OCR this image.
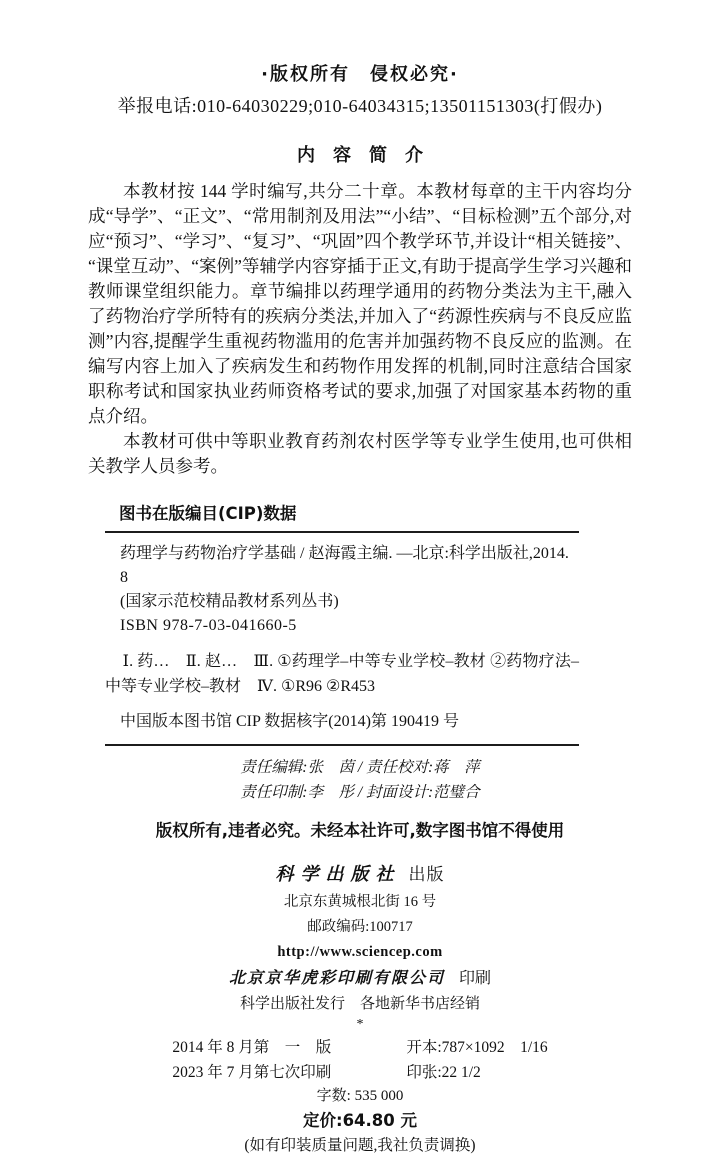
·版权所有　侵权必究·
举报电话:010-64030229;010-64034315;13501151303(打假办)
内　容　简　介

本教材按 144 学时编写,共分二十章。本教材每章的主干内容均分成“导学”、“正文”、“常用制剂及用法”“小结”、“目标检测”五个部分,对应“预习”、“学习”、“复习”、“巩固”四个教学环节,并设计“相关链接”、“课堂互动”、“案例”等辅学内容穿插于正文,有助于提高学生学习兴趣和教师课堂组织能力。章节编排以药理学通用的药物分类法为主干,融入了药物治疗学所特有的疾病分类法,并加入了“药源性疾病与不良反应监测”内容,提醒学生重视药物滥用的危害并加强药物不良反应的监测。在编写内容上加入了疾病发生和药物作用发挥的机制,同时注意结合国家职称考试和国家执业药师资格考试的要求,加强了对国家基本药物的重点介绍。

本教材可供中等职业教育药剂农村医学等专业学生使用,也可供相关教学人员参考。

图书在版编目(CIP)数据
药理学与药物治疗学基础 / 赵海霞主编. —北京:科学出版社,2014. 8
(国家示范校精品教材系列丛书)
ISBN 978-7-03-041660-5
Ⅰ. 药…　Ⅱ. 赵…　Ⅲ. ①药理学–中等专业学校–教材 ②药物疗法–中等专业学校–教材　Ⅳ. ①R96 ②R453
中国版本图书馆 CIP 数据核字(2014)第 190419 号
责任编辑:张　茵 / 责任校对:蒋　萍
责任印制:李　彤 / 封面设计:范璧合
版权所有,违者必究。未经本社许可,数字图书馆不得使用
科学出版社 出版
北京东黄城根北街 16 号
邮政编码:100717
http://www.sciencep.com
北京京华虎彩印刷有限公司 印刷
科学出版社发行　各地新华书店经销
*
2014 年 8 月第　一　版	开本:787×1092　1/16
2023 年 7 月第七次印刷	印张:22 1/2
字数: 535 000
定价:64.80 元
(如有印装质量问题,我社负责调换)
